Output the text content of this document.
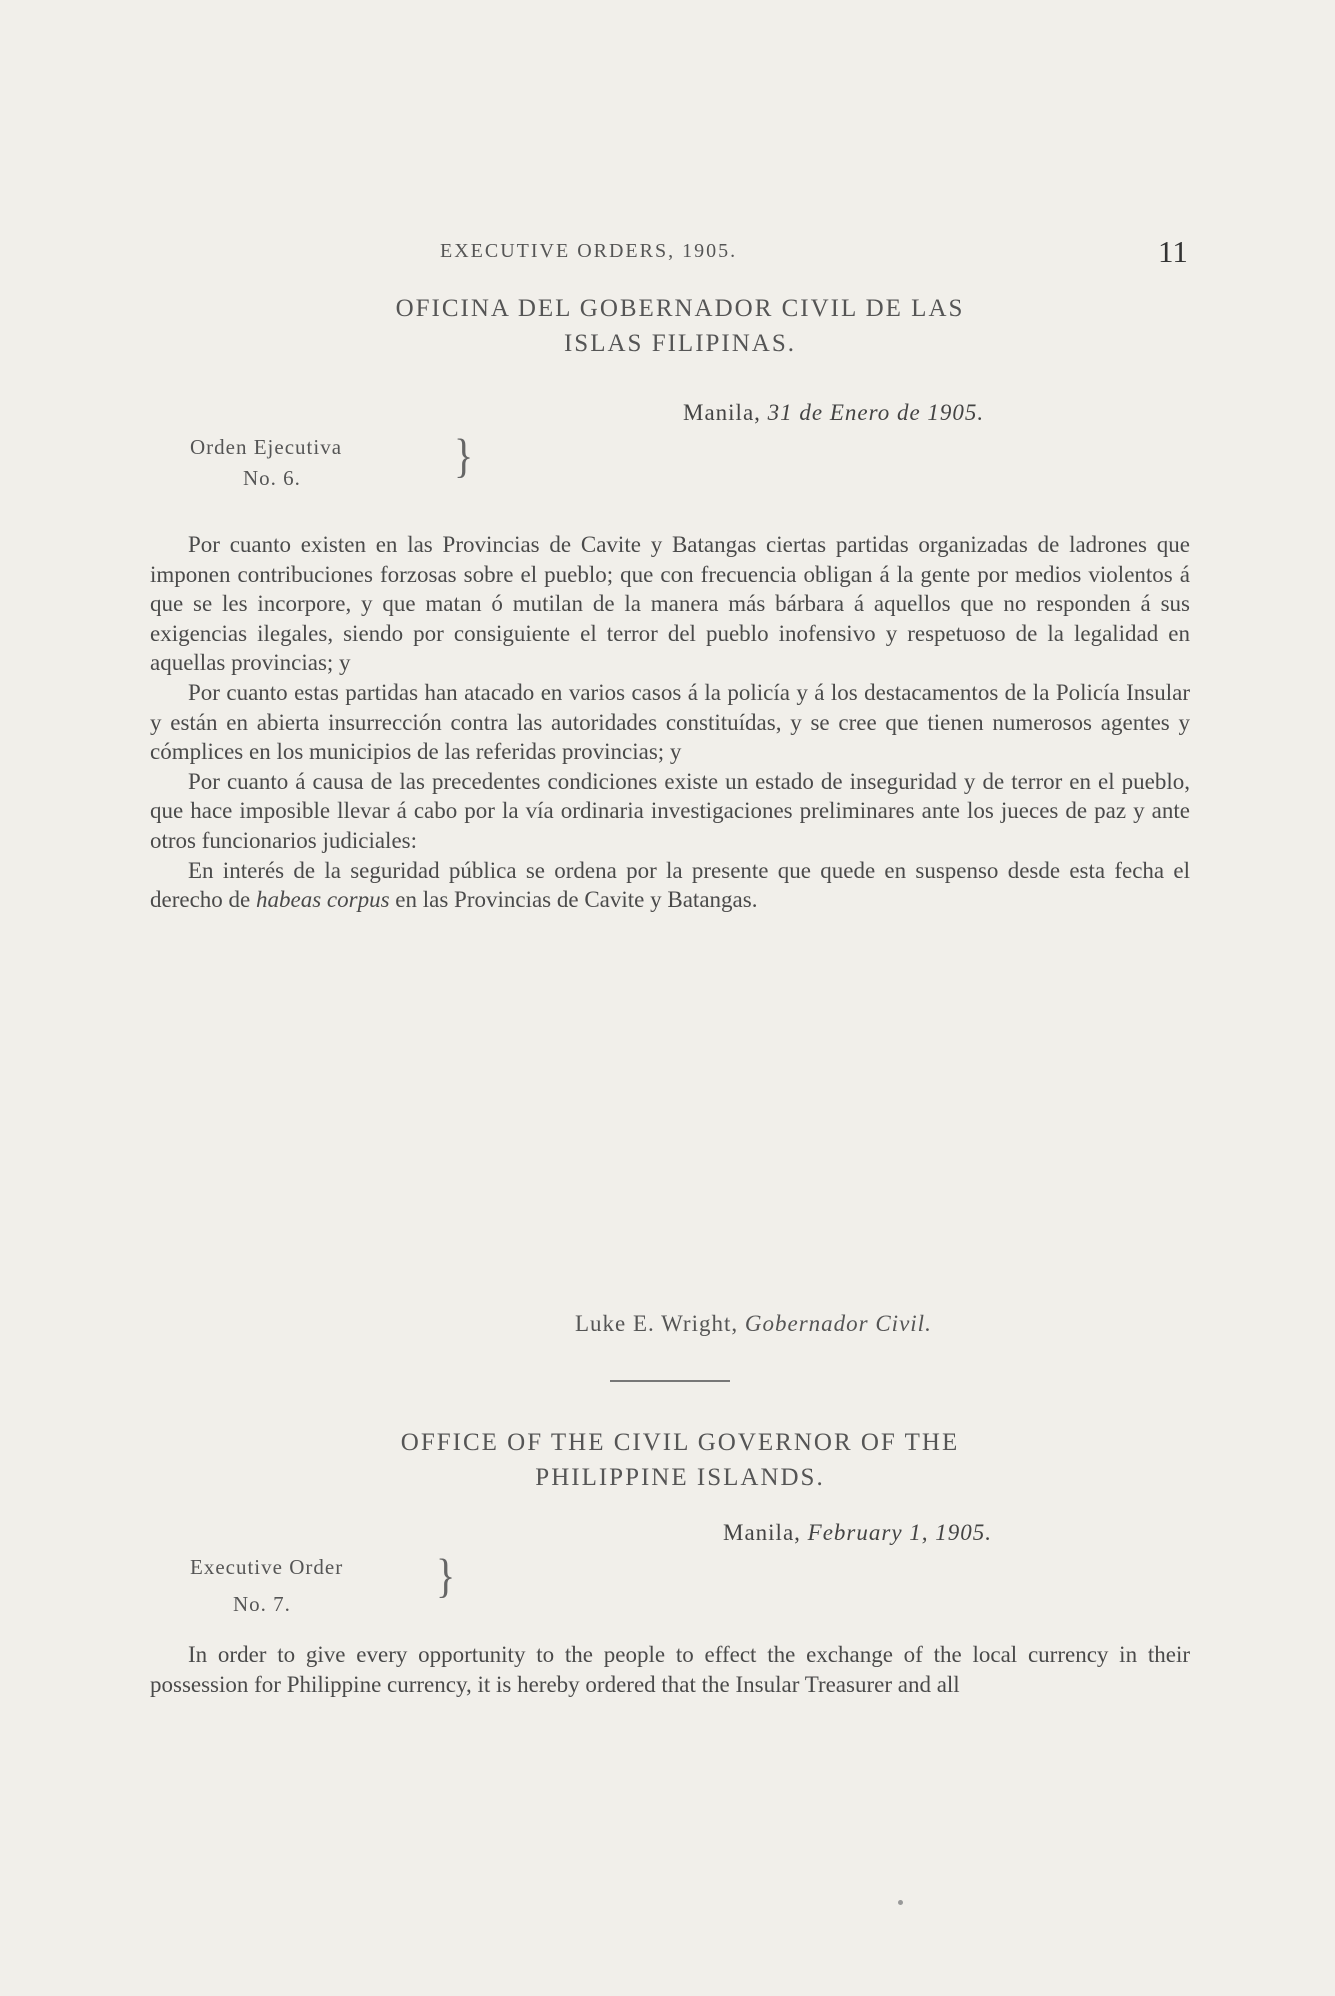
EXECUTIVE ORDERS, 1905.	11
OFICINA DEL GOBERNADOR CIVIL DE LAS
ISLAS FILIPINAS.
Manila, 31 de Enero de 1905.
Orden Ejecutiva
No. 6.	}

Por cuanto existen en las Provincias de Cavite y Batangas ciertas partidas organizadas de ladrones que imponen contribuciones forzosas sobre el pueblo; que con frecuencia obligan á la gente por medios violentos á que se les incorpore, y que matan ó mutilan de la manera más bárbara á aquellos que no responden á sus exigencias ilegales, siendo por consiguiente el terror del pueblo inofensivo y respetuoso de la legalidad en aquellas provincias; y

Por cuanto estas partidas han atacado en varios casos á la policía y á los destacamentos de la Policía Insular y están en abierta insurrección contra las autoridades constituídas, y se cree que tienen numerosos agentes y cómplices en los municipios de las referidas provincias; y

Por cuanto á causa de las precedentes condiciones existe un estado de inseguridad y de terror en el pueblo, que hace imposible llevar á cabo por la vía ordinaria investigaciones preliminares ante los jueces de paz y ante otros funcionarios judiciales:

En interés de la seguridad pública se ordena por la presente que quede en suspenso desde esta fecha el derecho de habeas corpus en las Provincias de Cavite y Batangas.

Luke E. Wright, Gobernador Civil.
OFFICE OF THE CIVIL GOVERNOR OF THE
PHILIPPINE ISLANDS.
Manila, February 1, 1905.
Executive Order
No. 7.
}

In order to give every opportunity to the people to effect the exchange of the local currency in their possession for Philippine currency, it is hereby ordered that the Insular Treasurer and all
